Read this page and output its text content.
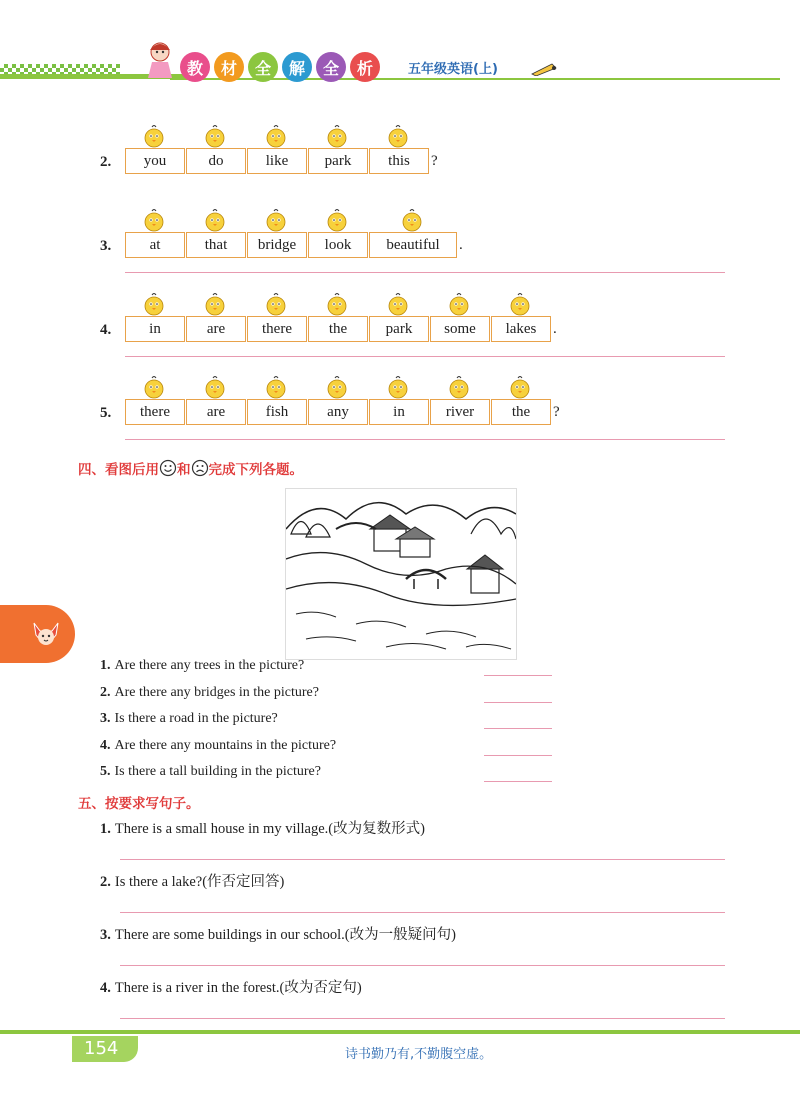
教	材	全	解	全	析	五年级英语(上)
2.	you	do	like	park	this	?
3.	at	that	bridge	look	beautiful	.
4.	in	are	there	the	park	some	lakes	.
5.	there	are	fish	any	in	river	the	?
四、看图后用 和 完成下列各题。
1. Are there any trees in the picture?
2. Are there any bridges in the picture?
3. Is there a road in the picture?
4. Are there any mountains in the picture?
5. Is there a tall building in the picture?
五、按要求写句子。
1. There is a small house in my village.(改为复数形式)
2. Is there a lake?(作否定回答)
3. There are some buildings in our school.(改为一般疑问句)
4. There is a river in the forest.(改为否定句)
154	诗书勤乃有,不勤腹空虚。
